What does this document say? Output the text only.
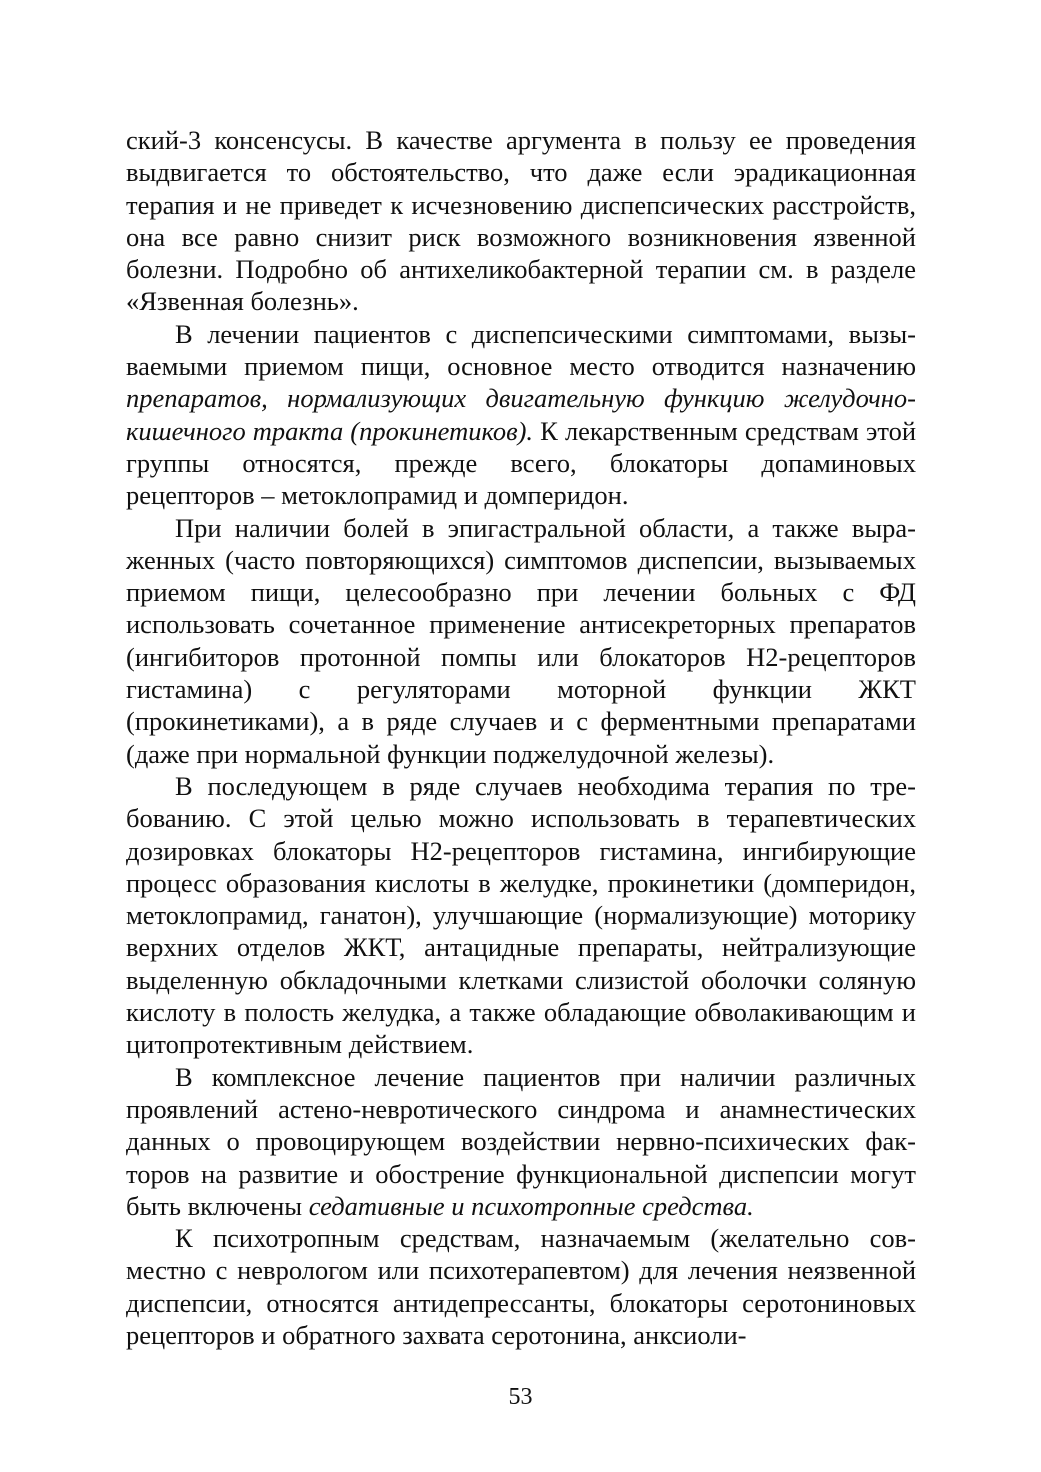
ский-3 консенсусы. В качестве аргумента в пользу ее проведения выдвигается то обстоятельство, что даже если эрадикационная терапия и не приведет к исчезновению диспепсических расстройств, она все равно снизит риск возможного возникновения язвенной болезни. Подробно об антихеликобактерной терапии см. в разделе «Язвенная болезнь».

В лечении пациентов с диспепсическими симптомами, вызываемыми приемом пищи, основное место отводится назначению препаратов, нормализующих двигательную функцию желудочно-кишечного тракта (прокинетиков). К лекарственным средствам этой группы относятся, прежде всего, блокаторы допаминовых рецепторов – метоклопрамид и домперидон.

При наличии болей в эпигастральной области, а также выраженных (часто повторяющихся) симптомов диспепсии, вызываемых приемом пищи, целесообразно при лечении больных с ФД использовать сочетанное применение антисекреторных препаратов (ингибиторов протонной помпы или блокаторов Н2-рецепторов гистамина) с регуляторами моторной функции ЖКТ (прокинетиками), а в ряде случаев и с ферментными препаратами (даже при нормальной функции поджелудочной железы).

В последующем в ряде случаев необходима терапия по требованию. С этой целью можно использовать в терапевтических дозировках блокаторы Н2-рецепторов гистамина, ингибирующие процесс образования кислоты в желудке, прокинетики (домперидон, метоклопрамид, ганатон), улучшающие (нормализующие) моторику верхних отделов ЖКТ, антацидные препараты, нейтрализующие выделенную обкладочными клетками слизистой оболочки соляную кислоту в полость желудка, а также обладающие обволакивающим и цитопротективным действием.

В комплексное лечение пациентов при наличии различных проявлений астено-невротического синдрома и анамнестических данных о провоцирующем воздействии нервно-психических факторов на развитие и обострение функциональной диспепсии могут быть включены седативные и психотропные средства.

К психотропным средствам, назначаемым (желательно совместно с неврологом или психотерапевтом) для лечения неязвенной диспепсии, относятся антидепрессанты, блокаторы серотониновых рецепторов и обратного захвата серотонина, анксиоли-

53
